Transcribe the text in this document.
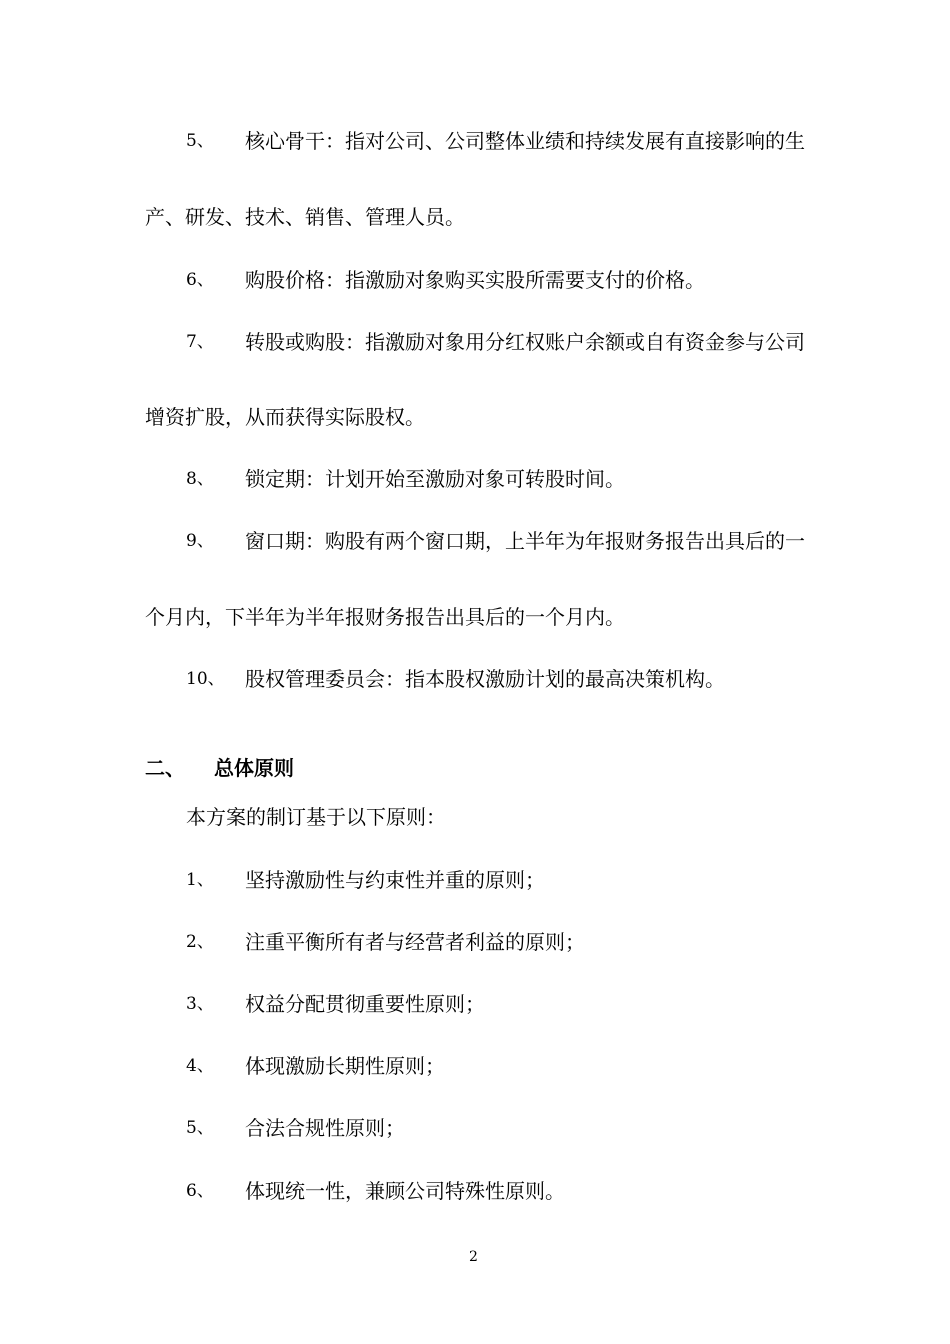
5、 核心骨干：指对公司、公司整体业绩和持续发展有直接影响的生
产、研发、技术、销售、管理人员。
6、 购股价格：指激励对象购买实股所需要支付的价格。
7、 转股或购股：指激励对象用分红权账户余额或自有资金参与公司
增资扩股，从而获得实际股权。
8、 锁定期：计划开始至激励对象可转股时间。
9、 窗口期：购股有两个窗口期，上半年为年报财务报告出具后的一
个月内，下半年为半年报财务报告出具后的一个月内。
10、 股权管理委员会：指本股权激励计划的最高决策机构。
二、 总体原则
本方案的制订基于以下原则：
1、 坚持激励性与约束性并重的原则；
2、 注重平衡所有者与经营者利益的原则；
3、 权益分配贯彻重要性原则；
4、 体现激励长期性原则；
5、 合法合规性原则；
6、 体现统一性，兼顾公司特殊性原则。
2
